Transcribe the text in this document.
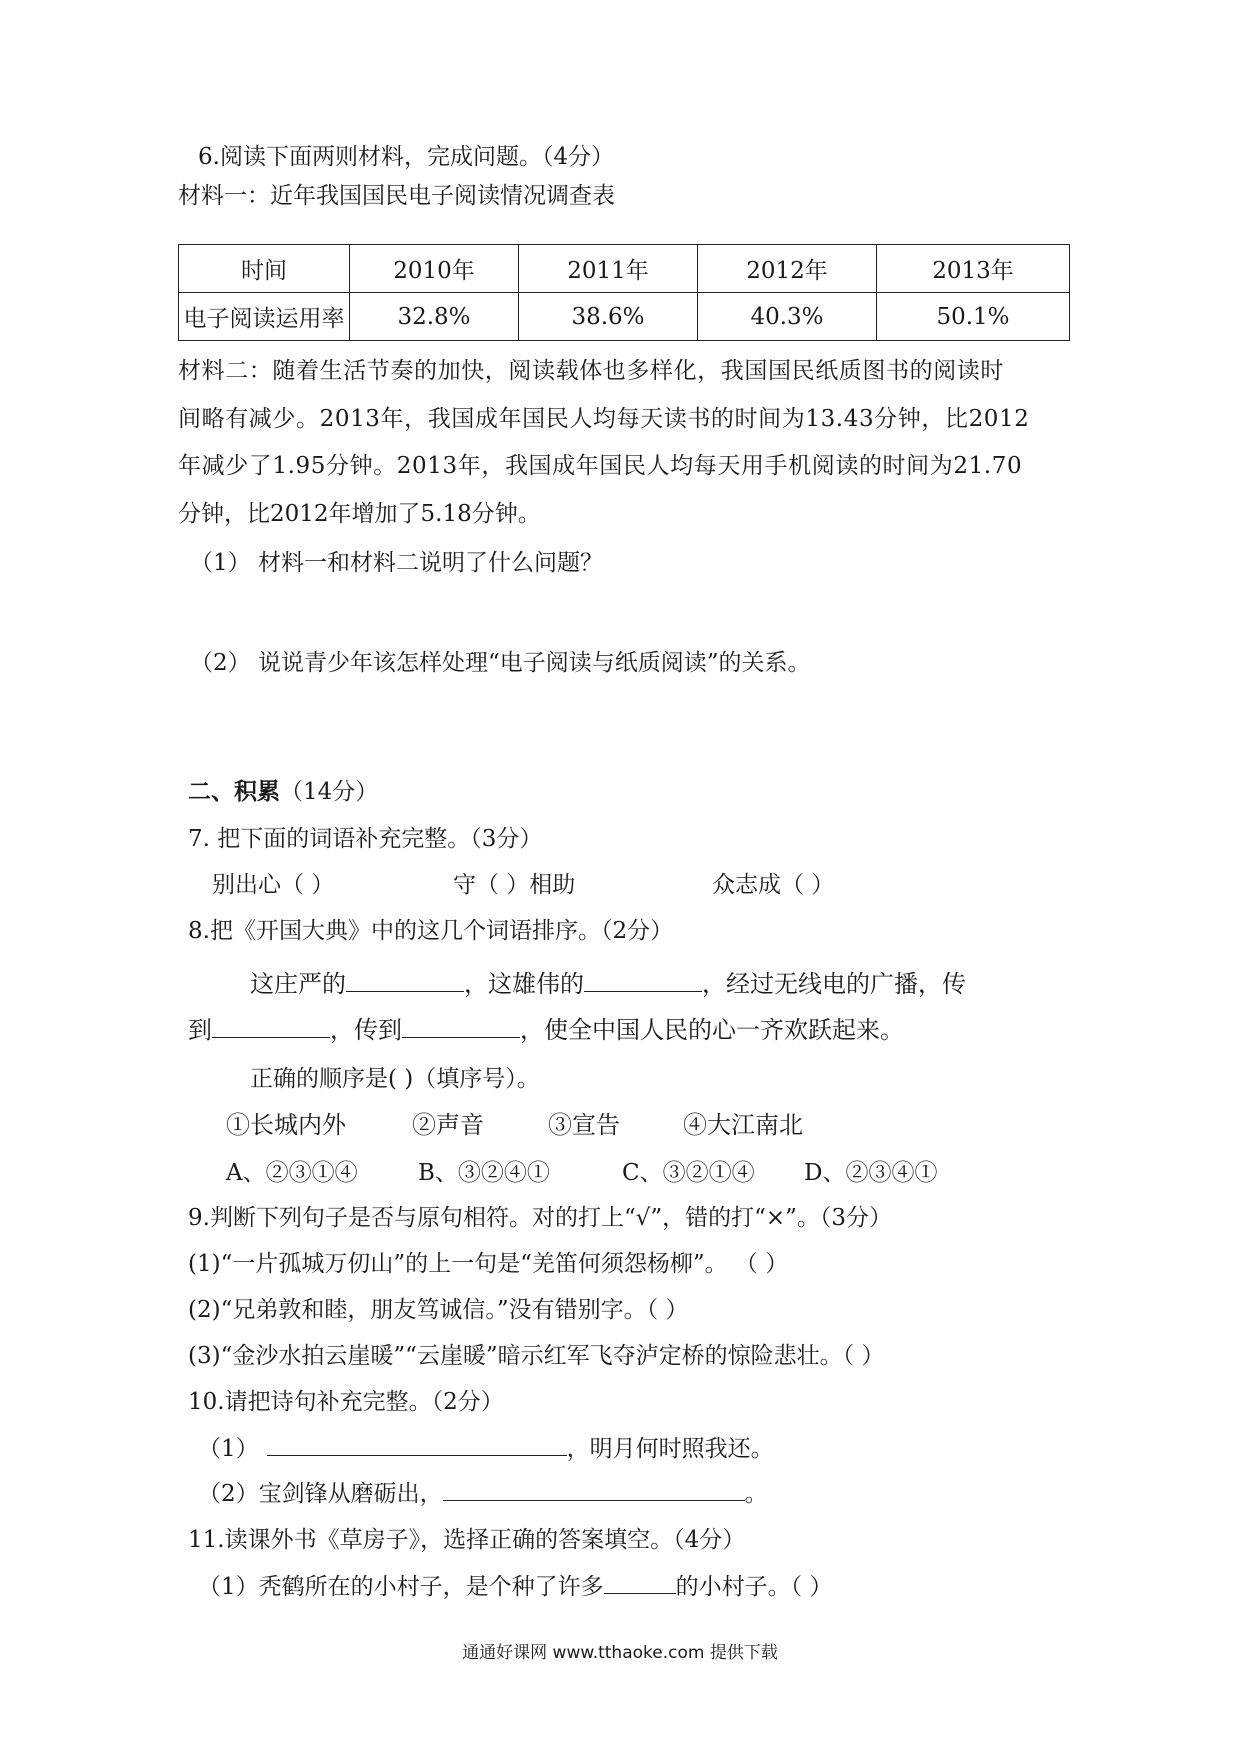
6.阅读下面两则材料，完成问题。（4分）
材料一：近年我国国民电子阅读情况调查表
时间	2010年	2011年	2012年	2013年
电子阅读运用率	32.8%	38.6%	40.3%	50.1%
材料二：随着生活节奏的加快，阅读载体也多样化，我国国民纸质图书的阅读时
间略有减少。2013年，我国成年国民人均每天读书的时间为13.43分钟，比2012
年减少了1.95分钟。2013年，我国成年国民人均每天用手机阅读的时间为21.70
分钟，比2012年增加了5.18分钟。
（1） 材料一和材料二说明了什么问题？
（2） 说说青少年该怎样处理“电子阅读与纸质阅读”的关系。
二、积累（14分）
7. 把下面的词语补充完整。（3分）
别出心（ ）	守（ ）相助	众志成（ ）
8.把《开国大典》中的这几个词语排序。（2分）
这庄严的	，这雄伟的	，经过无线电的广播，传
到	，传到	，使全中国人民的心一齐欢跃起来。
正确的顺序是( )（填序号）。
①长城内外	②声音	③宣告	④大江南北
A、②③①④	B、③②④①	C、③②①④ D、②③④①
9.判断下列句子是否与原句相符。对的打上“√”，错的打“×”。（3分）
(1)“一片孤城万仞山”的上一句是“羌笛何须怨杨柳”。 （ ）
(2)“兄弟敦和睦，朋友笃诚信。”没有错别字。（ ）
(3)“金沙水拍云崖暖”“云崖暖”暗示红军飞夺泸定桥的惊险悲壮。（ ）
10.请把诗句补充完整。（2分）
（1）	，明月何时照我还。
（2）宝剑锋从磨砺出，	。
11.读课外书《草房子》，选择正确的答案填空。（4分）
（1）秃鹤所在的小村子，是个种了许多	的小村子。（ ）
通通好课网 www.tthaoke.com 提供下载
